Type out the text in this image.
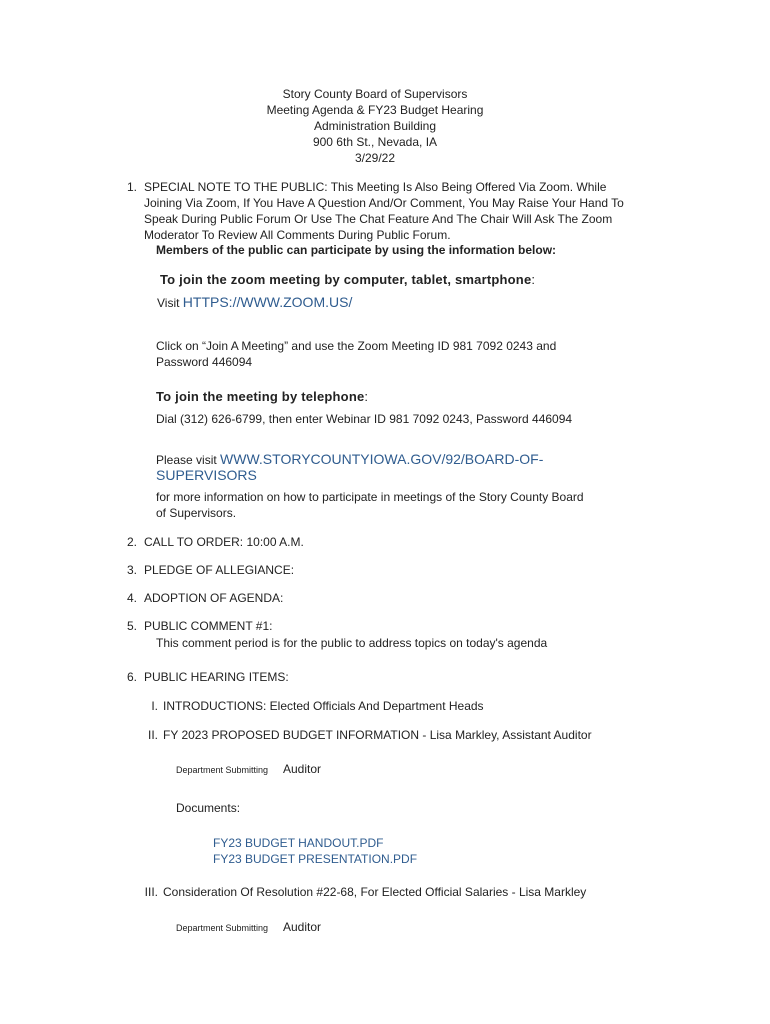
Story County Board of Supervisors
Meeting Agenda & FY23 Budget Hearing
Administration Building
900 6th St., Nevada, IA
3/29/22
1. SPECIAL NOTE TO THE PUBLIC: This Meeting Is Also Being Offered Via Zoom. While
Joining Via Zoom, If You Have A Question And/Or Comment, You May Raise Your Hand To
Speak During Public Forum Or Use The Chat Feature And The Chair Will Ask The Zoom
Moderator To Review All Comments During Public Forum.
Members of the public can participate by using the information below:
To join the zoom meeting by computer, tablet, smartphone:
Visit HTTPS://WWW.ZOOM.US/
Click on “Join A Meeting” and use the Zoom Meeting ID 981 7092 0243 and
Password 446094
To join the meeting by telephone:
Dial (312) 626-6799, then enter Webinar ID 981 7092 0243, Password 446094
Please visit WWW.STORYCOUNTYIOWA.GOV/92/BOARD-OF-
SUPERVISORS
for more information on how to participate in meetings of the Story County Board
of Supervisors.
2. CALL TO ORDER: 10:00 A.M.
3. PLEDGE OF ALLEGIANCE:
4. ADOPTION OF AGENDA:
5. PUBLIC COMMENT #1:
This comment period is for the public to address topics on today's agenda
6. PUBLIC HEARING ITEMS:
I. INTRODUCTIONS: Elected Officials And Department Heads
II. FY 2023 PROPOSED BUDGET INFORMATION - Lisa Markley, Assistant Auditor
Department Submitting Auditor
Documents:
FY23 BUDGET HANDOUT.PDF
FY23 BUDGET PRESENTATION.PDF
III. Consideration Of Resolution #22-68, For Elected Official Salaries - Lisa Markley
Department Submitting Auditor
